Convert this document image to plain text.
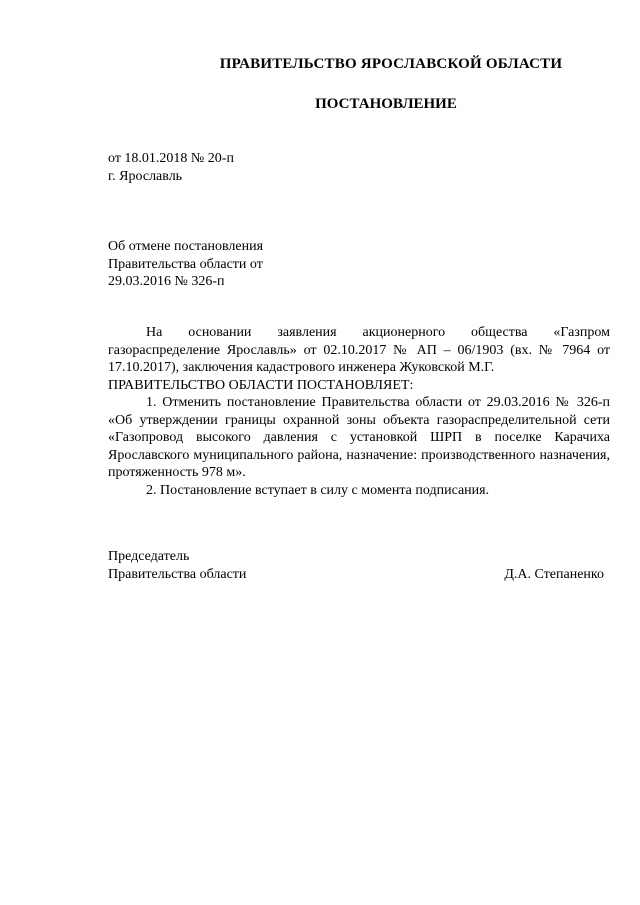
ПРАВИТЕЛЬСТВО ЯРОСЛАВСКОЙ ОБЛАСТИ
ПОСТАНОВЛЕНИЕ
от 18.01.2018 № 20-п
г. Ярославль
Об отмене постановления
Правительства области от
29.03.2016 № 326-п

На основании заявления акционерного общества «Газпром газораспределение Ярославль» от 02.10.2017 № АП – 06/1903 (вх. № 7964 от 17.10.2017), заключения кадастрового инженера Жуковской М.Г.

ПРАВИТЕЛЬСТВО ОБЛАСТИ ПОСТАНОВЛЯЕТ:

1. Отменить постановление Правительства области от 29.03.2016 № 326-п «Об утверждении границы охранной зоны объекта газораспределительной сети «Газопровод высокого давления с установкой ШРП в поселке Карачиха Ярославского муниципального района, назначение: производственного назначения, протяженность 978 м».

2. Постановление вступает в силу с момента подписания.

Председатель
Правительства области	Д.А. Степаненко
